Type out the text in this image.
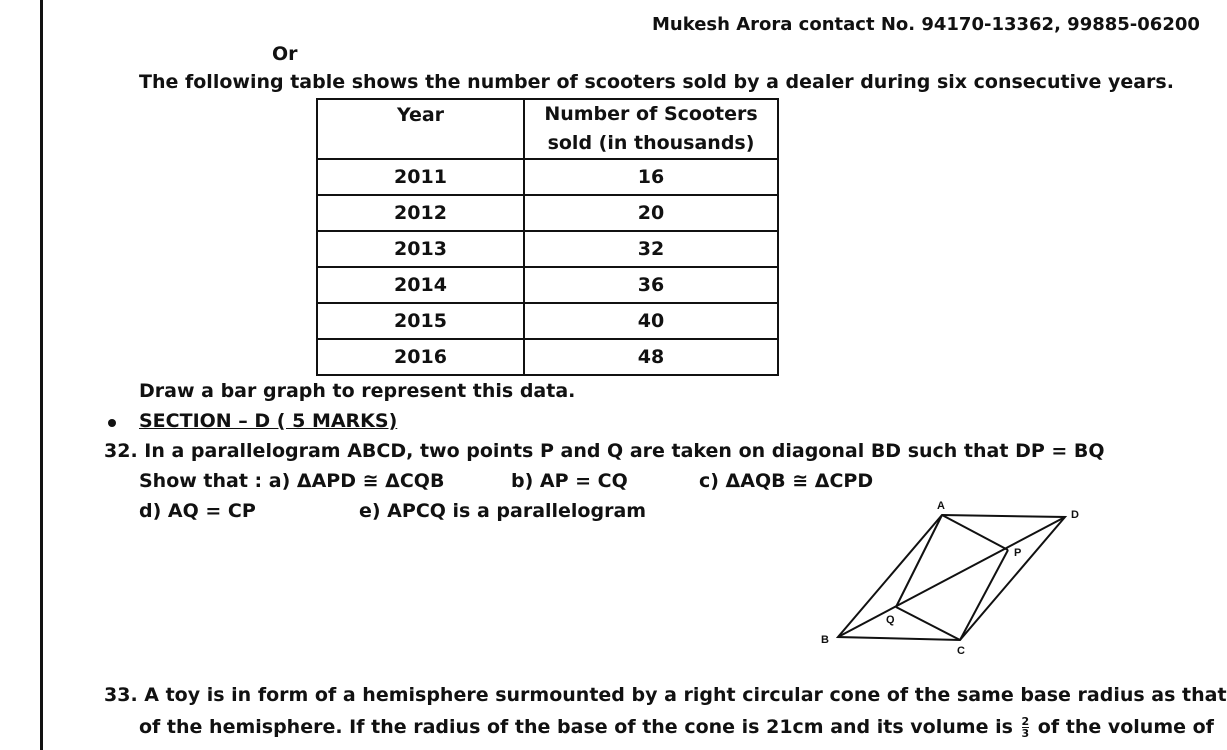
Mukesh Arora contact No. 94170-13362, 99885-06200
Or
The following table shows the number of scooters sold by a dealer during six consecutive years.
Year	Number of Scooters
sold (in thousands)

2011	16
2012	20
2013	32
2014	36
2015	40
2016	48
Draw a bar graph to represent this data.
SECTION – D ( 5 MARKS)
32. In a parallelogram ABCD, two points P and Q are taken on diagonal BD such that DP = BQ
Show that : a) ΔAPD ≅ ΔCQB	b) AP = CQ	c) ΔAQB ≅ ΔCPD
d) AQ = CP	e) APCQ is a parallelogram	A
D
P
Q
B
C
33. A toy is in form of a hemisphere surmounted by a right circular cone of the same base radius as that
of the hemisphere. If the radius of the base of the cone is 21cm and its volume is $\frac{2}{3}$ of the volume of
